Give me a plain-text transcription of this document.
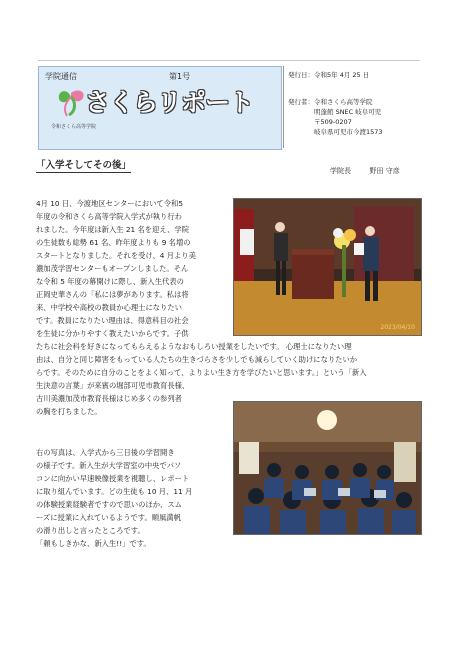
学院通信	第1号
さくらリポート
令和さくら高等学院
発行日：令和5年 4月 25 日
発行者：令和さくら高等学院
明蓬館 SNEC 岐阜可児
〒509-0207
岐阜県可児市今渡1573
「入学そしてその後」	学院長	野田 守彦

4月 10 日、今渡地区センターにおいて令和5

年度の令和さくら高等学院入学式が執り行わ

れました。今年度は新入生 21 名を迎え、学院

の生徒数も総勢 61 名、昨年度よりも 9 名増の

スタートとなりました。それを受け、4 月より美

濃加茂学習センターもオープンしました。そん

な令和 5 年度の幕開けに際し、新入生代表の

正岡史華さんの「私には夢があります。私は将

来、中学校や高校の教員か心理士になりたい

です。教員になりたい理由は、得意科目の社会

を生徒に分かりやすく教えたいからです。子供

たちに社会科を好きになってもらえるようなおもしろい授業をしたいです。 心理士になりたい理

由は、自分と同じ障害をもっている人たちの生きづらさを少しでも減らしていく助けになりたいか

らです。そのために自分のことをよく知って、よりよい生き方を学びたいと思います。」という「新入

生決意の言葉」が来賓の堀部可児市教育長様、

古川美濃加茂市教育長様はじめ多くの参列者

の胸を打ちました。

右の写真は、入学式から三日後の学習開き

の様子です。新入生が大学習室の中央でパソ

コンに向かい早速映像授業を視聴し、レポート

に取り組んでいます。どの生徒も 10 月、11 月

の体験授業経験者ですので思いのほか、スム

ーズに授業に入れているようです。順風満帆

の滑り出しと言ったところです。

「頼もしきかな、新入生!!」です。

2023/04/10
